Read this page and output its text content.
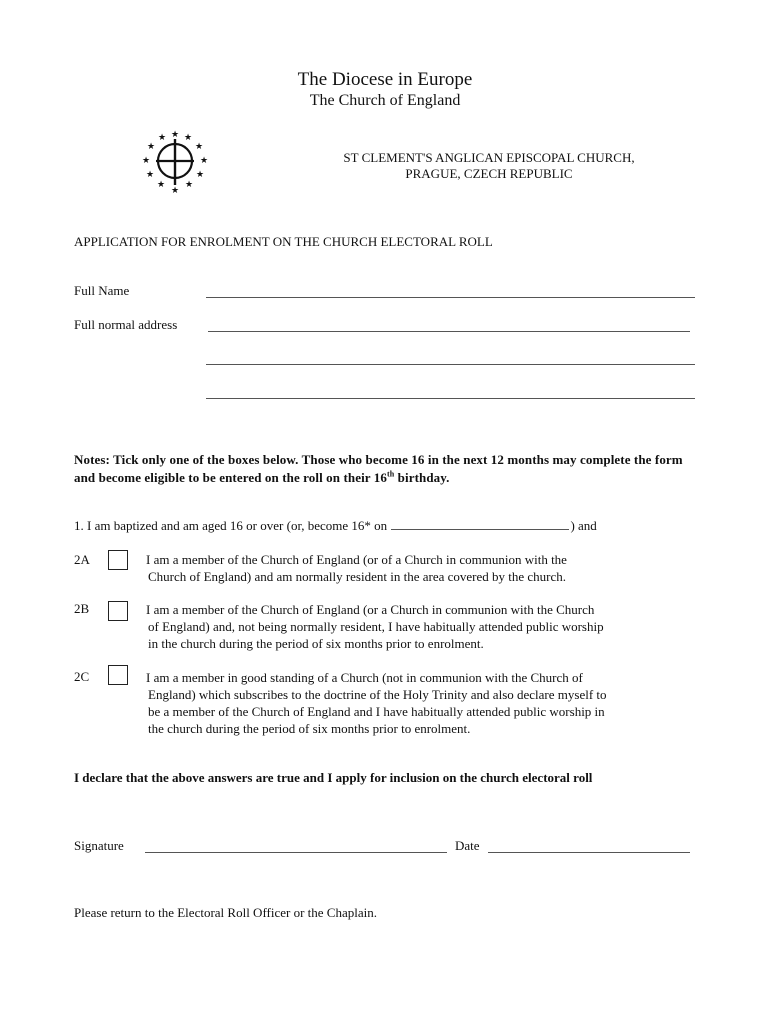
The Diocese in Europe
The Church of England
★ ★
★
★
★
★
★
★
★
★
★
★
ST CLEMENT'S ANGLICAN EPISCOPAL CHURCH,
PRAGUE, CZECH REPUBLIC
APPLICATION FOR ENROLMENT ON THE CHURCH ELECTORAL ROLL
Full Name
Full normal address
Notes: Tick only one of the boxes below. Those who become 16 in the next 12 months may complete the form and become eligible to be entered on the roll on their 16th birthday.
1. I am baptized and am aged 16 or over (or, become 16* on	) and
2A	I am a member of the Church of England (or of a Church in communion with the
Church of England) and am normally resident in the area covered by the church.
2B	I am a member of the Church of England (or a Church in communion with the Church
of England) and, not being normally resident, I have habitually attended public worship
in the church during the period of six months prior to enrolment.
2C	I am a member in good standing of a Church (not in communion with the Church of
England) which subscribes to the doctrine of the Holy Trinity and also declare myself to
be a member of the Church of England and I have habitually attended public worship in
the church during the period of six months prior to enrolment.
I declare that the above answers are true and I apply for inclusion on the church electoral roll
Signature	Date
Please return to the Electoral Roll Officer or the Chaplain.
